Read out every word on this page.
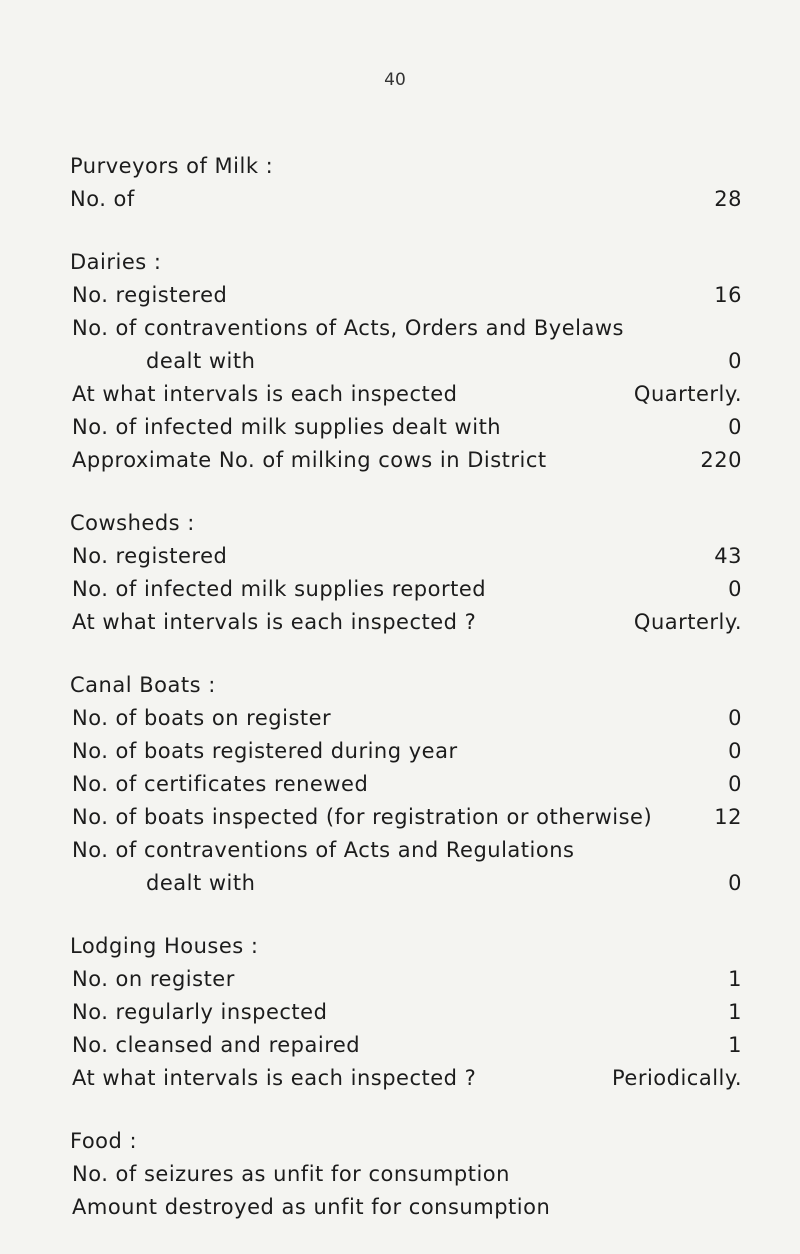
40
Purveyors of Milk :
No. of	28
Dairies :
No. registered	16
No. of contraventions of Acts, Orders and Byelaws
dealt with	0
At what intervals is each inspected	Quarterly.
No. of infected milk supplies dealt with	0
Approximate No. of milking cows in District	220
Cowsheds :
No. registered	43
No. of infected milk supplies reported	0
At what intervals is each inspected ?	Quarterly.
Canal Boats :
No. of boats on register	0
No. of boats registered during year	0
No. of certificates renewed	0
No. of boats inspected (for registration or otherwise)	12
No. of contraventions of Acts and Regulations
dealt with	0
Lodging Houses :
No. on register	1
No. regularly inspected	1
No. cleansed and repaired	1
At what intervals is each inspected ?	Periodically.
Food :
No. of seizures as unfit for consumption
Amount destroyed as unfit for consumption
